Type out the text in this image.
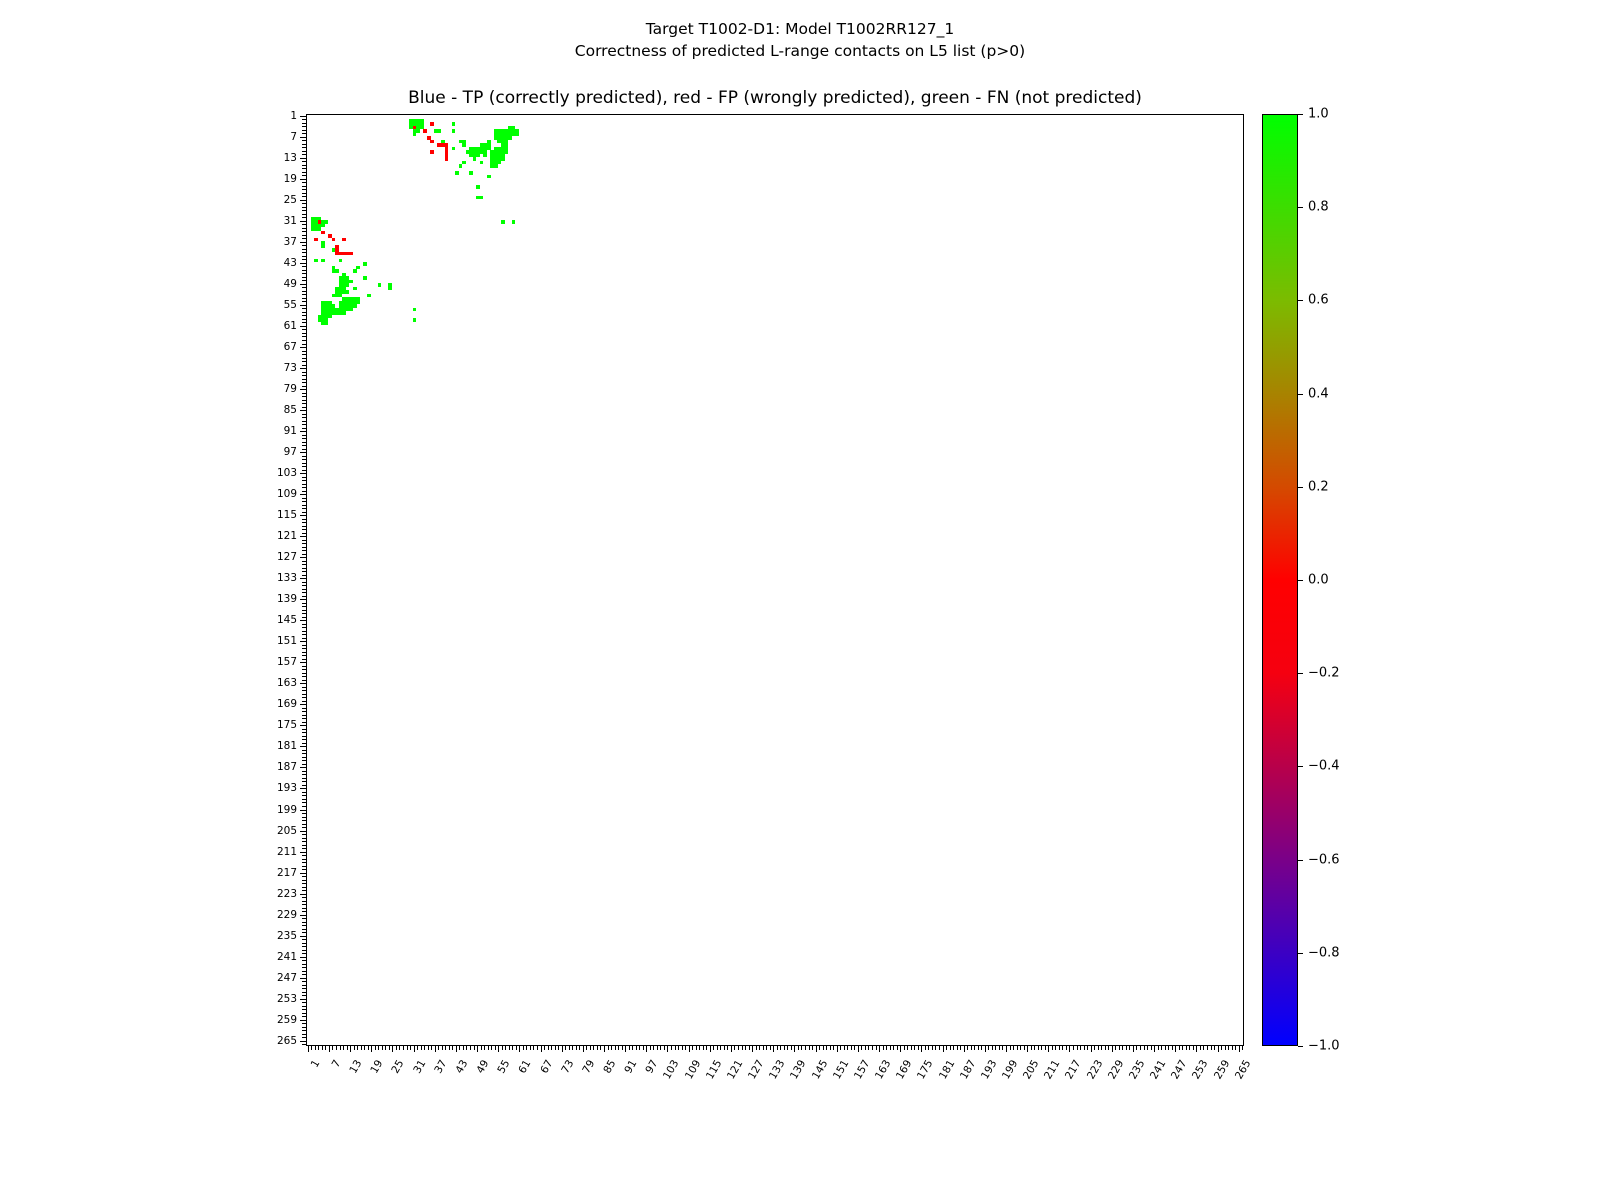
Target T1002-D1: Model T1002RR127_1
Correctness of predicted L-range contacts on L5 list (p>0)
Blue - TP (correctly predicted), red - FP (wrongly predicted), green - FN (not predicted)
1
7
13
19
25
31
37
43
49
55
61
67
73
79
85
91
97
103
109
115
121
127
133
139
145
151
157
163
169
175
181
187
193
199
205
211
217
223
229
235
241
247
253
259
265
1 7 13 19 25 31 37 43 49 55 61 67 73 79 85 91 97 103 109 115 121 127 133 139 145 151 157 163 169 175 181 187 193 199 205 211 217 223 229 235 241 247 253 259 265
1.0
0.8
0.6
0.4
0.2
0.0
−0.2
−0.4
−0.6
−0.8
−1.0
